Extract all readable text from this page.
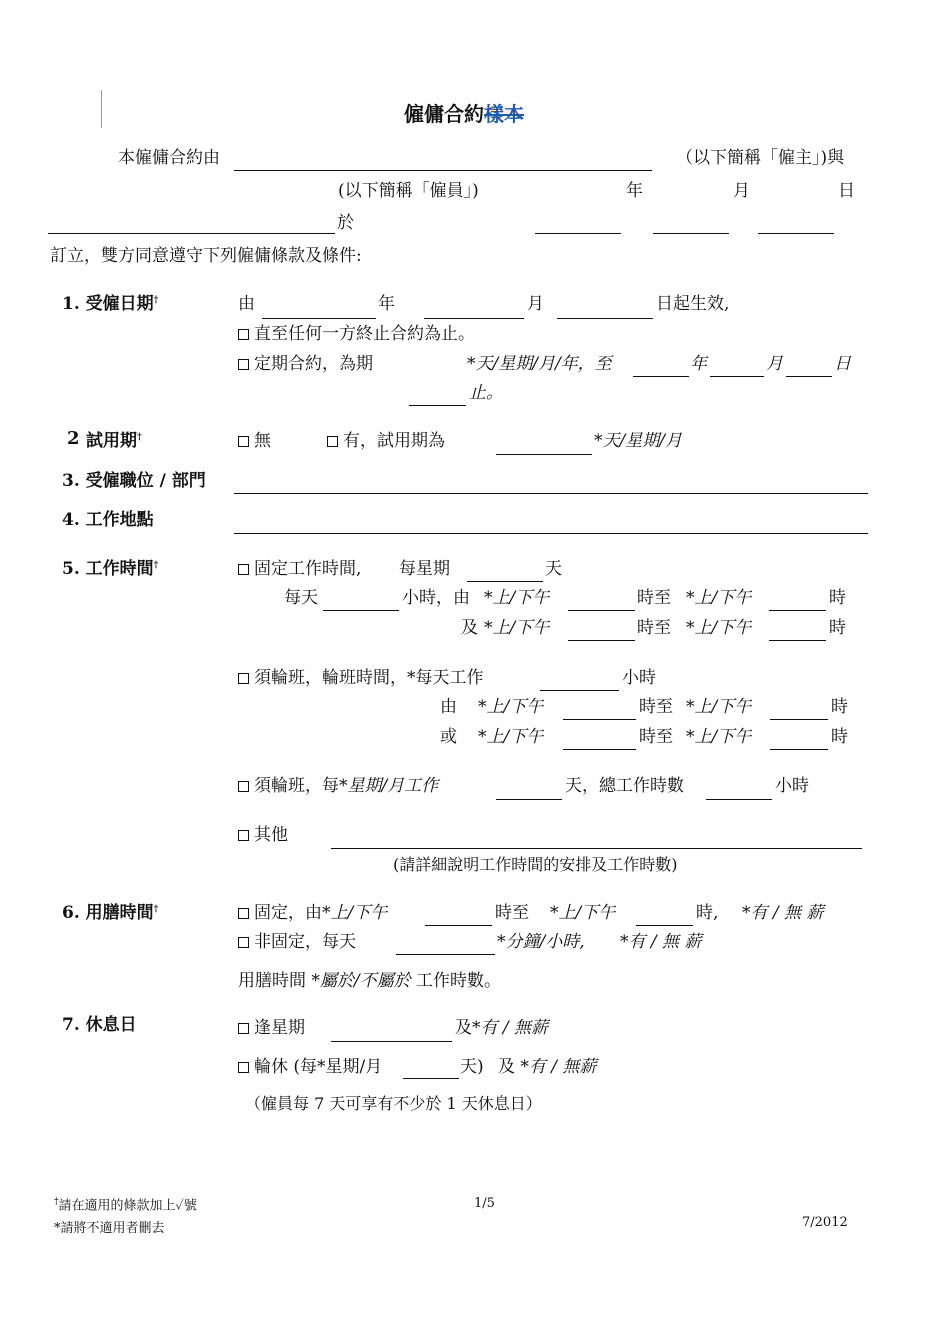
僱傭合約樣本
本僱傭合約由	（以下簡稱「僱主」)與
(以下簡稱「僱員」)	年	月	日
於
訂立，雙方同意遵守下列僱傭條款及條件:
1. 受僱日期†	由	年	月	日起生效,
直至任何一方終止合約為止。
定期合約，為期	*天/星期/月/年，至	年	月	日
止。
2 試用期†	無	有，試用期為	*天/星期/月
3. 受僱職位 / 部門
4. 工作地點
5. 工作時間†	固定工作時間, 每星期	天
每天	小時，由 *上/下午	時至 *上/下午	時
及 *上/下午	時至 *上/下午	時
須輪班，輪班時間，*每天工作	小時
由 *上/下午	時至 *上/下午	時
或 *上/下午	時至 *上/下午	時
須輪班，每*星期/月工作	天，總工作時數	小時
其他
(請詳細說明工作時間的安排及工作時數)
6. 用膳時間†	固定，由*上/下午	時至 *上/下午	時, *有 / 無 薪
非固定，每天	*分鐘/小時, *有 / 無 薪
用膳時間 *屬於/不屬於 工作時數。
7. 休息日	逢星期	及*有 / 無薪
輪休 (每*星期/月	天) 及 *有 / 無薪
（僱員每 7 天可享有不少於 1 天休息日）
†請在適用的條款加上✓號
*請將不適用者刪去
1/5
7/2012
